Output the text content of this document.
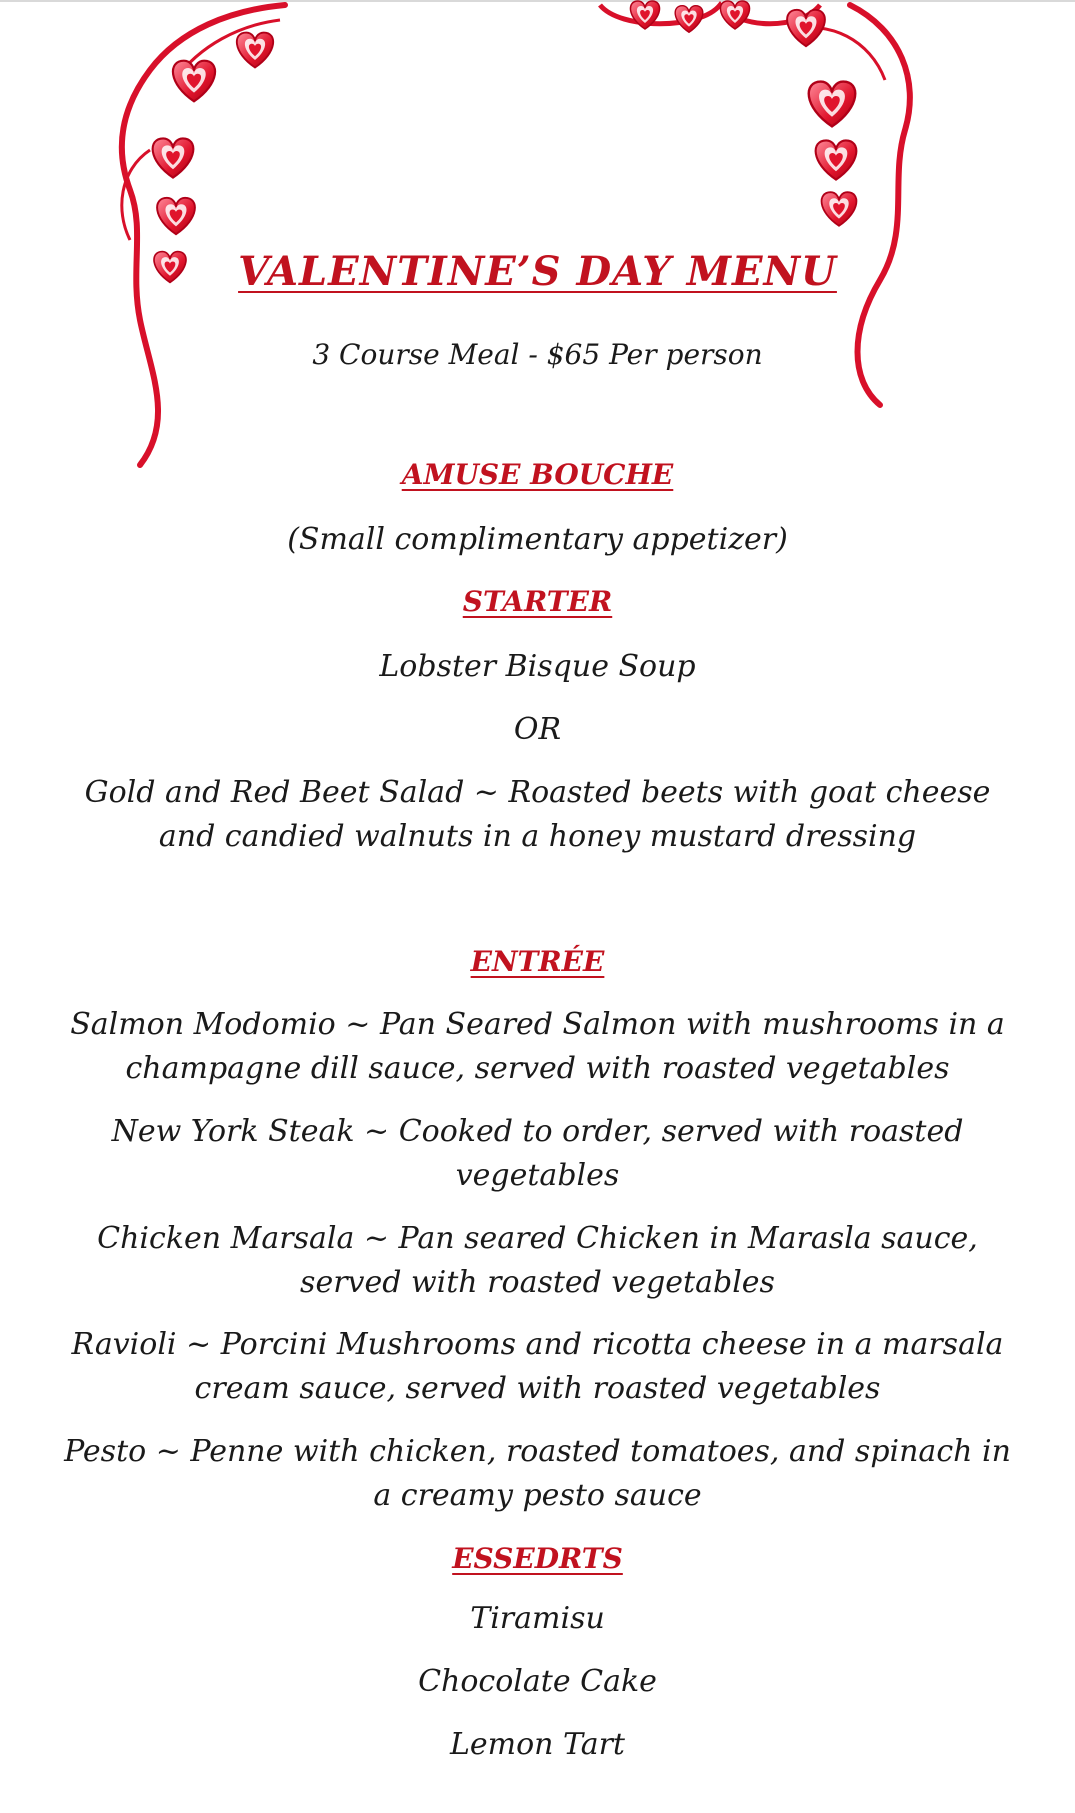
VALENTINE’S DAY MENU
3 Course Meal - $65 Per person
AMUSE BOUCHE
(Small complimentary appetizer)
STARTER
Lobster Bisque Soup
OR
Gold and Red Beet Salad ~ Roasted beets with goat cheese
and candied walnuts in a honey mustard dressing
ENTRÉE
Salmon Modomio ~ Pan Seared Salmon with mushrooms in a
champagne dill sauce, served with roasted vegetables
New York Steak ~ Cooked to order, served with roasted
vegetables
Chicken Marsala ~ Pan seared Chicken in Marasla sauce,
served with roasted vegetables
Ravioli ~ Porcini Mushrooms and ricotta cheese in a marsala
cream sauce, served with roasted vegetables
Pesto ~ Penne with chicken, roasted tomatoes, and spinach in
a creamy pesto sauce
ESSEDRTS
Tiramisu
Chocolate Cake
Lemon Tart
